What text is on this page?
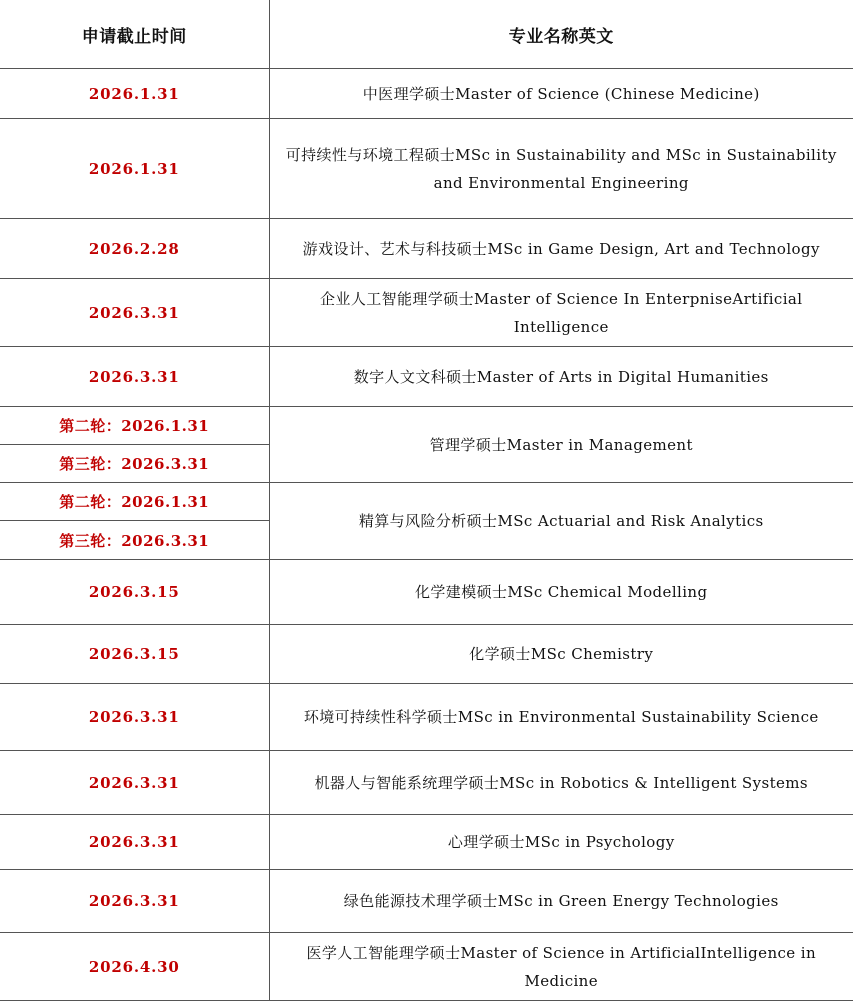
申请截止时间	专业名称英文
2026.1.31	中医理学硕士Master of Science (Chinese Medicine)
2026.1.31	可持续性与环境工程硕士MSc in Sustainability and MSc in Sustainability and Environmental Engineering
2026.2.28	游戏设计、艺术与科技硕士MSc in Game Design, Art and Technology
2026.3.31	企业人工智能理学硕士Master of Science In EnterpniseArtificial Intelligence
2026.3.31	数字人文文科硕士Master of Arts in Digital Humanities
第二轮：2026.1.31	管理学硕士Master in Management
第三轮：2026.3.31	
第二轮：2026.1.31	精算与风险分析硕士MSc Actuarial and Risk Analytics
第三轮：2026.3.31	
2026.3.15	化学建模硕士MSc Chemical Modelling
2026.3.15	化学硕士MSc Chemistry
2026.3.31	环境可持续性科学硕士MSc in Environmental Sustainability Science
2026.3.31	机器人与智能系统理学硕士MSc in Robotics & Intelligent Systems
2026.3.31	心理学硕士MSc in Psychology
2026.3.31	绿色能源技术理学硕士MSc in Green Energy Technologies
2026.4.30	医学人工智能理学硕士Master of Science in ArtificialIntelligence in Medicine
